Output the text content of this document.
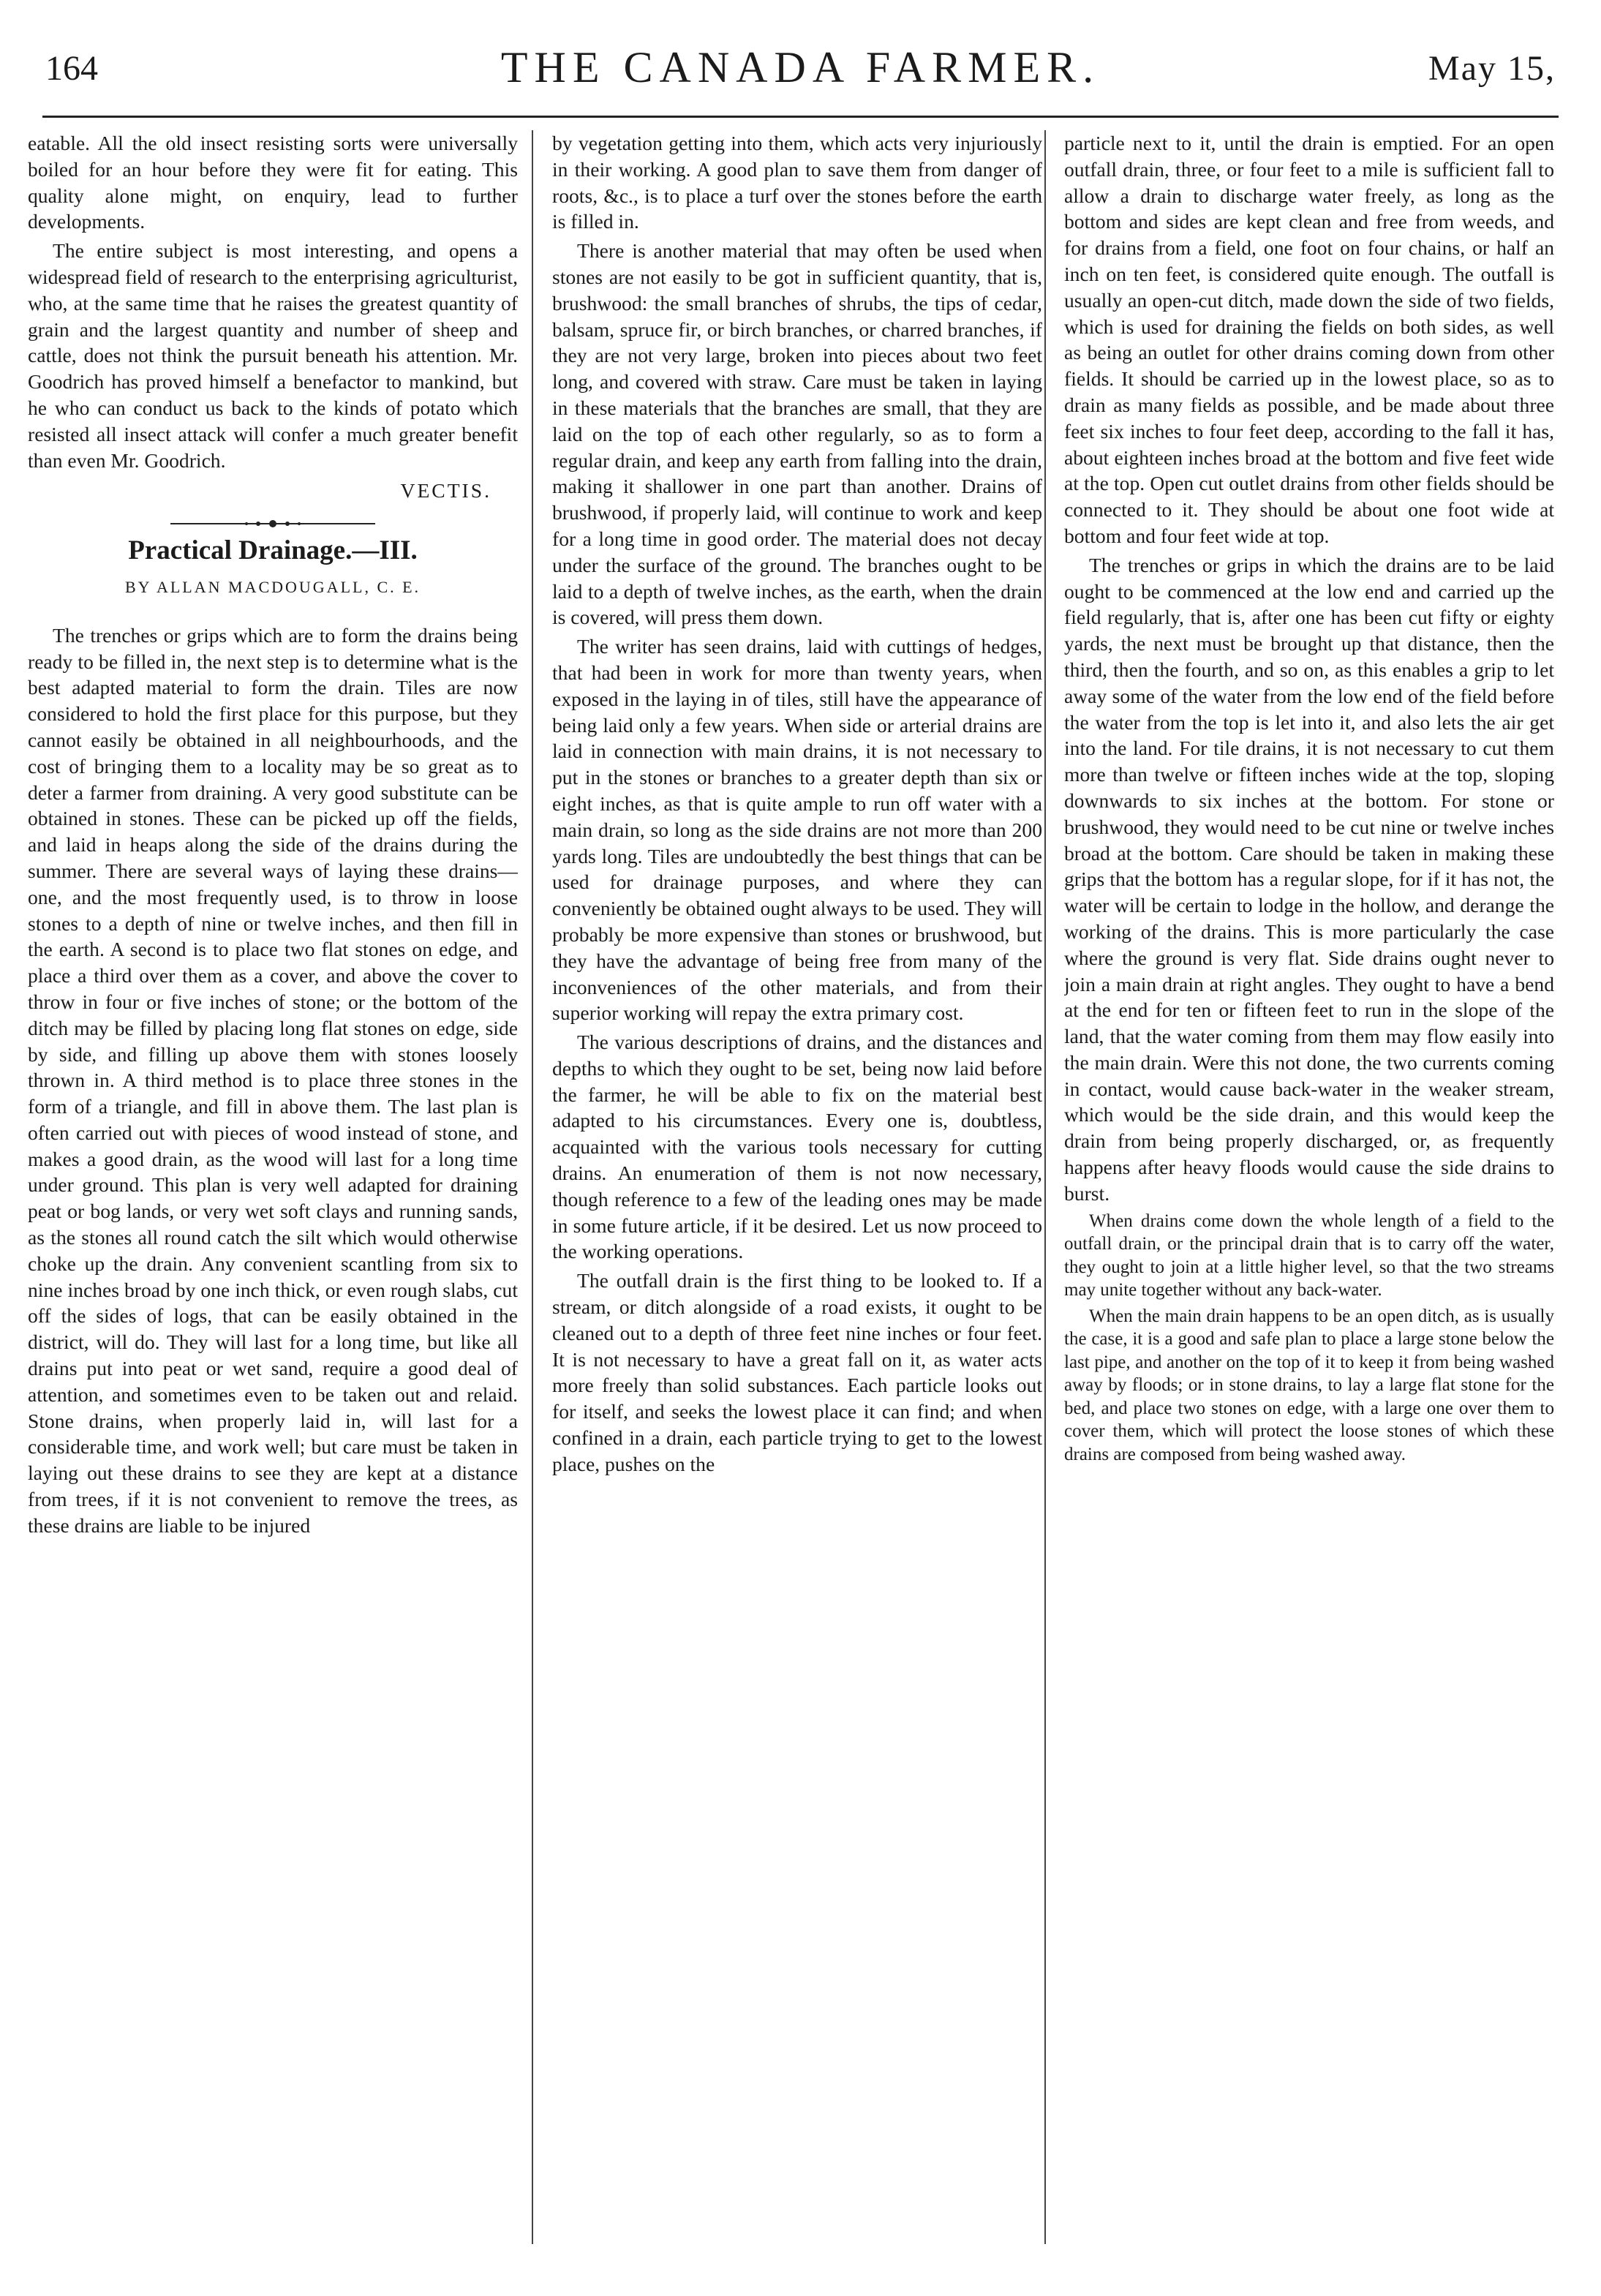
164	THE CANADA FARMER.	May 15,

eatable. All the old insect resisting sorts were universally boiled for an hour before they were fit for eating. This quality alone might, on enquiry, lead to further developments.

The entire subject is most interesting, and opens a widespread field of research to the enterprising agriculturist, who, at the same time that he raises the greatest quantity of grain and the largest quantity and number of sheep and cattle, does not think the pursuit beneath his attention. Mr. Goodrich has proved himself a benefactor to mankind, but he who can conduct us back to the kinds of potato which resisted all insect attack will confer a much greater benefit than even Mr. Goodrich.

VECTIS.
Practical Drainage.—III.
BY ALLAN MACDOUGALL, C. E.

The trenches or grips which are to form the drains being ready to be filled in, the next step is to determine what is the best adapted material to form the drain. Tiles are now considered to hold the first place for this purpose, but they cannot easily be obtained in all neighbourhoods, and the cost of bringing them to a locality may be so great as to deter a farmer from draining. A very good substitute can be obtained in stones. These can be picked up off the fields, and laid in heaps along the side of the drains during the summer. There are several ways of laying these drains—one, and the most frequently used, is to throw in loose stones to a depth of nine or twelve inches, and then fill in the earth. A second is to place two flat stones on edge, and place a third over them as a cover, and above the cover to throw in four or five inches of stone; or the bottom of the ditch may be filled by placing long flat stones on edge, side by side, and filling up above them with stones loosely thrown in. A third method is to place three stones in the form of a triangle, and fill in above them. The last plan is often carried out with pieces of wood instead of stone, and makes a good drain, as the wood will last for a long time under ground. This plan is very well adapted for draining peat or bog lands, or very wet soft clays and running sands, as the stones all round catch the silt which would otherwise choke up the drain. Any convenient scantling from six to nine inches broad by one inch thick, or even rough slabs, cut off the sides of logs, that can be easily obtained in the district, will do. They will last for a long time, but like all drains put into peat or wet sand, require a good deal of attention, and sometimes even to be taken out and relaid. Stone drains, when properly laid in, will last for a considerable time, and work well; but care must be taken in laying out these drains to see they are kept at a distance from trees, if it is not convenient to remove the trees, as these drains are liable to be injured

by vegetation getting into them, which acts very injuriously in their working. A good plan to save them from danger of roots, &c., is to place a turf over the stones before the earth is filled in.

There is another material that may often be used when stones are not easily to be got in sufficient quantity, that is, brushwood: the small branches of shrubs, the tips of cedar, balsam, spruce fir, or birch branches, or charred branches, if they are not very large, broken into pieces about two feet long, and covered with straw. Care must be taken in laying in these materials that the branches are small, that they are laid on the top of each other regularly, so as to form a regular drain, and keep any earth from falling into the drain, making it shallower in one part than another. Drains of brushwood, if properly laid, will continue to work and keep for a long time in good order. The material does not decay under the surface of the ground. The branches ought to be laid to a depth of twelve inches, as the earth, when the drain is covered, will press them down.

The writer has seen drains, laid with cuttings of hedges, that had been in work for more than twenty years, when exposed in the laying in of tiles, still have the appearance of being laid only a few years. When side or arterial drains are laid in connection with main drains, it is not necessary to put in the stones or branches to a greater depth than six or eight inches, as that is quite ample to run off water with a main drain, so long as the side drains are not more than 200 yards long. Tiles are undoubtedly the best things that can be used for drainage purposes, and where they can conveniently be obtained ought always to be used. They will probably be more expensive than stones or brushwood, but they have the advantage of being free from many of the inconveniences of the other materials, and from their superior working will repay the extra primary cost.

The various descriptions of drains, and the distances and depths to which they ought to be set, being now laid before the farmer, he will be able to fix on the material best adapted to his circumstances. Every one is, doubtless, acquainted with the various tools necessary for cutting drains. An enumeration of them is not now necessary, though reference to a few of the leading ones may be made in some future article, if it be desired. Let us now proceed to the working operations.

The outfall drain is the first thing to be looked to. If a stream, or ditch alongside of a road exists, it ought to be cleaned out to a depth of three feet nine inches or four feet. It is not necessary to have a great fall on it, as water acts more freely than solid substances. Each particle looks out for itself, and seeks the lowest place it can find; and when confined in a drain, each particle trying to get to the lowest place, pushes on the

particle next to it, until the drain is emptied. For an open outfall drain, three, or four feet to a mile is sufficient fall to allow a drain to discharge water freely, as long as the bottom and sides are kept clean and free from weeds, and for drains from a field, one foot on four chains, or half an inch on ten feet, is considered quite enough. The outfall is usually an open-cut ditch, made down the side of two fields, which is used for draining the fields on both sides, as well as being an outlet for other drains coming down from other fields. It should be carried up in the lowest place, so as to drain as many fields as possible, and be made about three feet six inches to four feet deep, according to the fall it has, about eighteen inches broad at the bottom and five feet wide at the top. Open cut outlet drains from other fields should be connected to it. They should be about one foot wide at bottom and four feet wide at top.

The trenches or grips in which the drains are to be laid ought to be commenced at the low end and carried up the field regularly, that is, after one has been cut fifty or eighty yards, the next must be brought up that distance, then the third, then the fourth, and so on, as this enables a grip to let away some of the water from the low end of the field before the water from the top is let into it, and also lets the air get into the land. For tile drains, it is not necessary to cut them more than twelve or fifteen inches wide at the top, sloping downwards to six inches at the bottom. For stone or brushwood, they would need to be cut nine or twelve inches broad at the bottom. Care should be taken in making these grips that the bottom has a regular slope, for if it has not, the water will be certain to lodge in the hollow, and derange the working of the drains. This is more particularly the case where the ground is very flat. Side drains ought never to join a main drain at right angles. They ought to have a bend at the end for ten or fifteen feet to run in the slope of the land, that the water coming from them may flow easily into the main drain. Were this not done, the two currents coming in contact, would cause back-water in the weaker stream, which would be the side drain, and this would keep the drain from being properly discharged, or, as frequently happens after heavy floods would cause the side drains to burst.

When drains come down the whole length of a field to the outfall drain, or the principal drain that is to carry off the water, they ought to join at a little higher level, so that the two streams may unite together without any back-water.

When the main drain happens to be an open ditch, as is usually the case, it is a good and safe plan to place a large stone below the last pipe, and another on the top of it to keep it from being washed away by floods; or in stone drains, to lay a large flat stone for the bed, and place two stones on edge, with a large one over them to cover them, which will protect the loose stones of which these drains are composed from being washed away.
